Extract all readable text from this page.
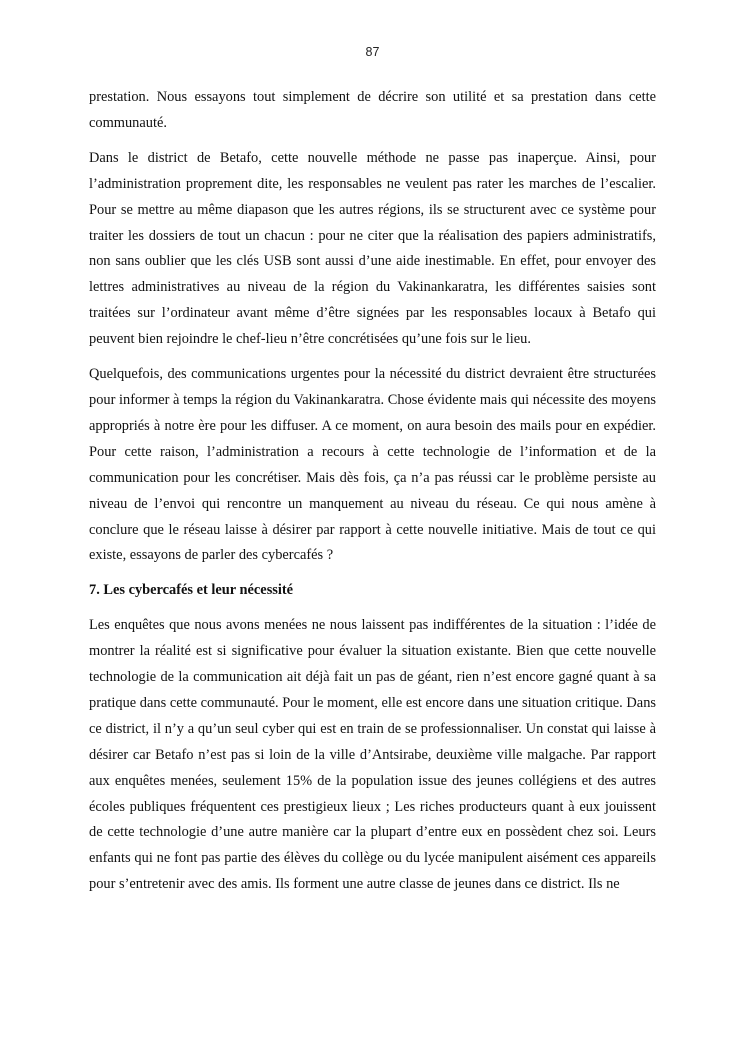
87

prestation. Nous essayons tout simplement de décrire son utilité et sa prestation dans cette communauté.

Dans le district de Betafo, cette nouvelle méthode ne passe pas inaperçue. Ainsi, pour l’administration proprement dite, les responsables ne veulent pas rater les marches de l’escalier. Pour se mettre au même diapason que les autres régions, ils se structurent avec ce système pour traiter les dossiers de tout un chacun : pour ne citer que la réalisation des papiers administratifs, non sans oublier que les clés USB sont aussi d’une aide inestimable. En effet, pour envoyer des lettres administratives au niveau de la région du Vakinankaratra, les différentes saisies sont traitées sur l’ordinateur avant même d’être signées par les responsables locaux à Betafo qui peuvent bien rejoindre le chef-lieu n’être concrétisées qu’une fois sur le lieu.

Quelquefois, des communications urgentes pour la nécessité du district devraient être structurées pour informer à temps la région du Vakinankaratra. Chose évidente mais qui nécessite des moyens appropriés à notre ère pour les diffuser. A ce moment, on aura besoin des mails pour en expédier. Pour cette raison, l’administration a recours à cette technologie de l’information et de la communication pour les concrétiser. Mais dès fois, ça n’a pas réussi car le problème persiste au niveau de l’envoi qui rencontre un manquement au niveau du réseau. Ce qui nous amène à conclure que le réseau laisse à désirer par rapport à cette nouvelle initiative. Mais de tout ce qui existe, essayons de parler des cybercafés ?

7. Les cybercafés et leur nécessité

Les enquêtes que nous avons menées ne nous laissent pas indifférentes de la situation : l’idée de montrer la réalité est si significative pour évaluer la situation existante. Bien que cette nouvelle technologie de la communication ait déjà fait un pas de géant, rien n’est encore gagné quant à sa pratique dans cette communauté. Pour le moment, elle est encore dans une situation critique. Dans ce district, il n’y a qu’un seul cyber qui est en train de se professionnaliser. Un constat qui laisse à désirer car Betafo n’est pas si loin de la ville d’Antsirabe, deuxième ville malgache. Par rapport aux enquêtes menées, seulement 15% de la population issue des jeunes collégiens et des autres écoles publiques fréquentent ces prestigieux lieux ; Les riches producteurs quant à eux jouissent de cette technologie d’une autre manière car la plupart d’entre eux en possèdent chez soi. Leurs enfants qui ne font pas partie des élèves du collège ou du lycée manipulent aisément ces appareils pour s’entretenir avec des amis. Ils forment une autre classe de jeunes dans ce district. Ils ne
